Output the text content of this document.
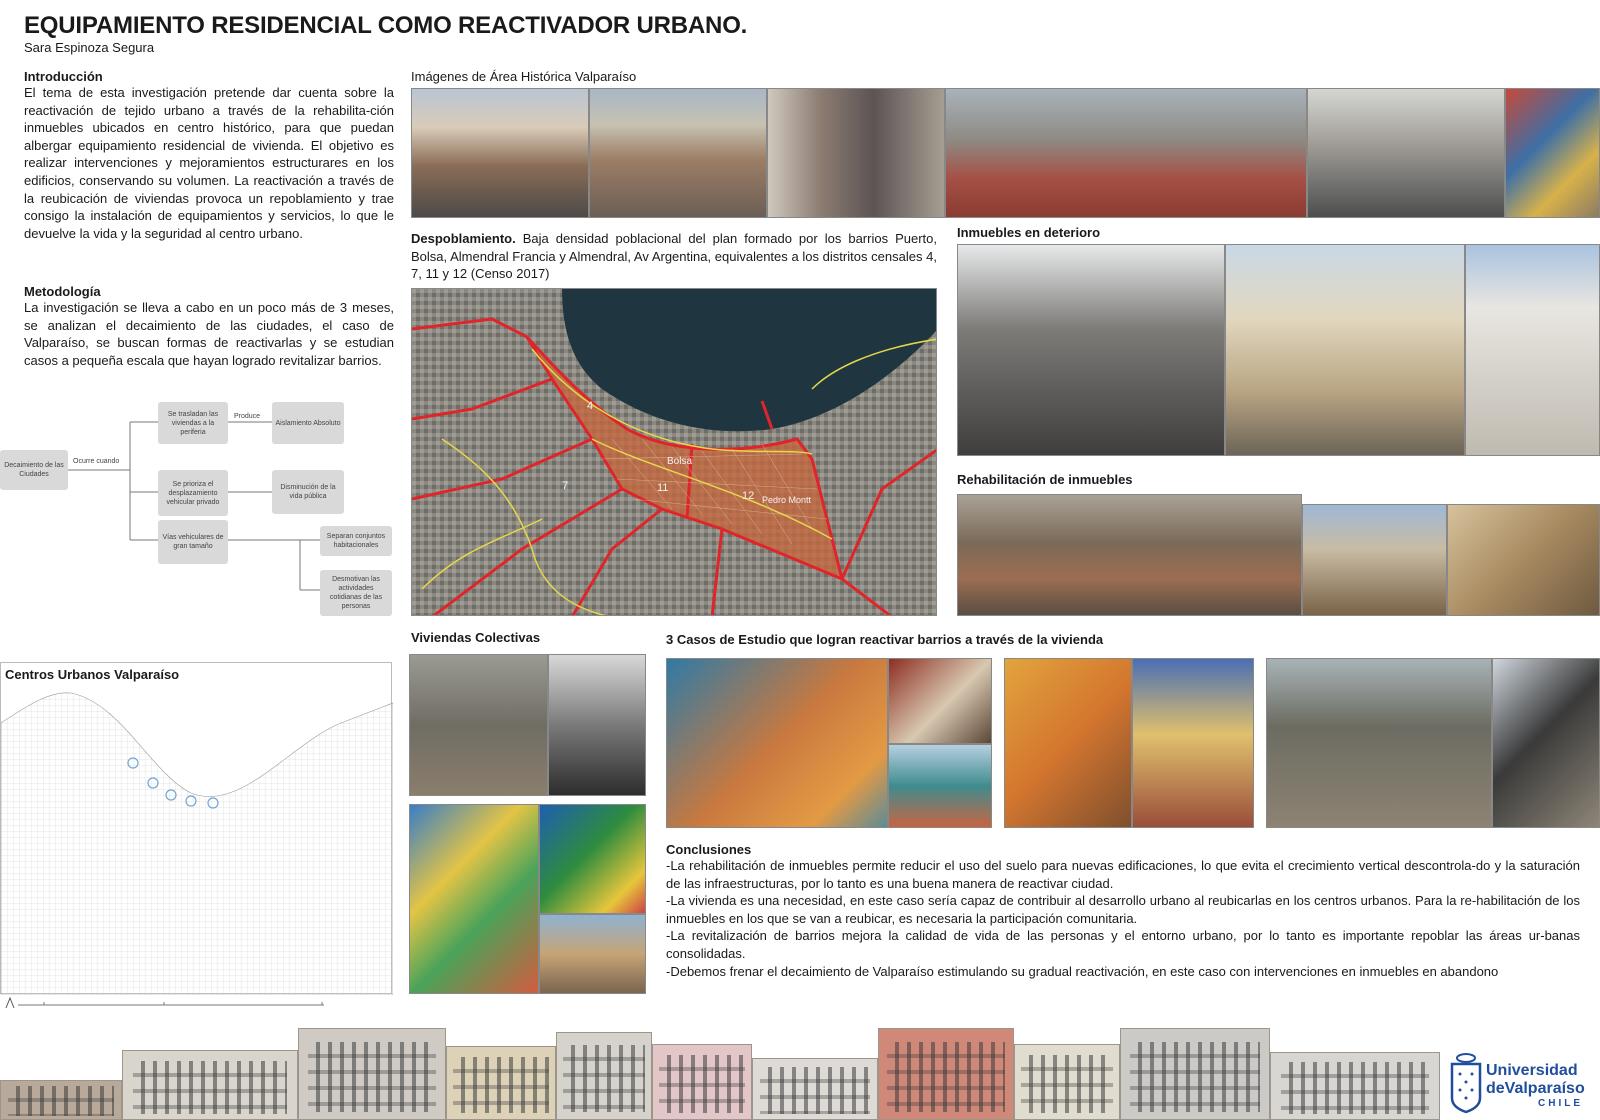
EQUIPAMIENTO RESIDENCIAL COMO REACTIVADOR URBANO.
Sara Espinoza Segura
Introducción
El tema de esta investigación pretende dar cuenta sobre la reactivación de tejido urbano a través de la rehabilita-ción inmuebles ubicados en centro histórico, para que puedan albergar equipamiento residencial de vivienda. El objetivo es realizar intervenciones y mejoramientos estructurares en los edificios, conservando su volumen. La reactivación a través de la reubicación de viviendas provoca un repoblamiento y trae consigo la instalación de equipamientos y servicios, lo que le devuelve la vida y la seguridad al centro urbano.
Metodología
La investigación se lleva a cabo en un poco más de 3 meses, se analizan el decaimiento de las ciudades, el caso de Valparaíso, se buscan formas de reactivarlas y se estudian casos a pequeña escala que hayan logrado revitalizar barrios.
Decaimiento de las Ciudades
Ocurre cuando
Se trasladan las viviendas a la periferia
Produce
Aislamiento Absoluto
Se prioriza el desplazamiento vehicular privado
Disminución de la vida pública
Vías vehiculares de gran tamaño
Separan conjuntos habitacionales
Desmotivan las actividades cotidianas de las personas
Centros Urbanos Valparaíso
Imágenes de Área Histórica Valparaíso
Despoblamiento. Baja densidad poblacional del plan formado por los barrios Puerto, Bolsa, Almendral Francia y Almendral, Av Argentina, equivalentes a los distritos censales 4, 7, 11 y 12 (Censo 2017)
4
Bolsa
11
12 Pedro Montt
7
Inmuebles en deterioro
Rehabilitación de inmuebles
Viviendas Colectivas	3 Casos de Estudio que logran reactivar barrios a través de la vivienda
Conclusiones
-La rehabilitación de inmuebles permite reducir el uso del suelo para nuevas edificaciones, lo que evita el crecimiento vertical descontrola-do y la saturación de las infraestructuras, por lo tanto es una buena manera de reactivar ciudad.
-La vivienda es una necesidad, en este caso sería capaz de contribuir al desarrollo urbano al reubicarlas en los centros urbanos. Para la re-habilitación de los inmuebles en los que se van a reubicar, es necesaria la participación comunitaria.
-La revitalización de barrios mejora la calidad de vida de las personas y el entorno urbano, por lo tanto es importante repoblar las áreas ur-banas consolidadas.
-Debemos frenar el decaimiento de Valparaíso estimulando su gradual reactivación, en este caso con intervenciones en inmuebles en abandono
Universidad
deValparaíso
CHILE
